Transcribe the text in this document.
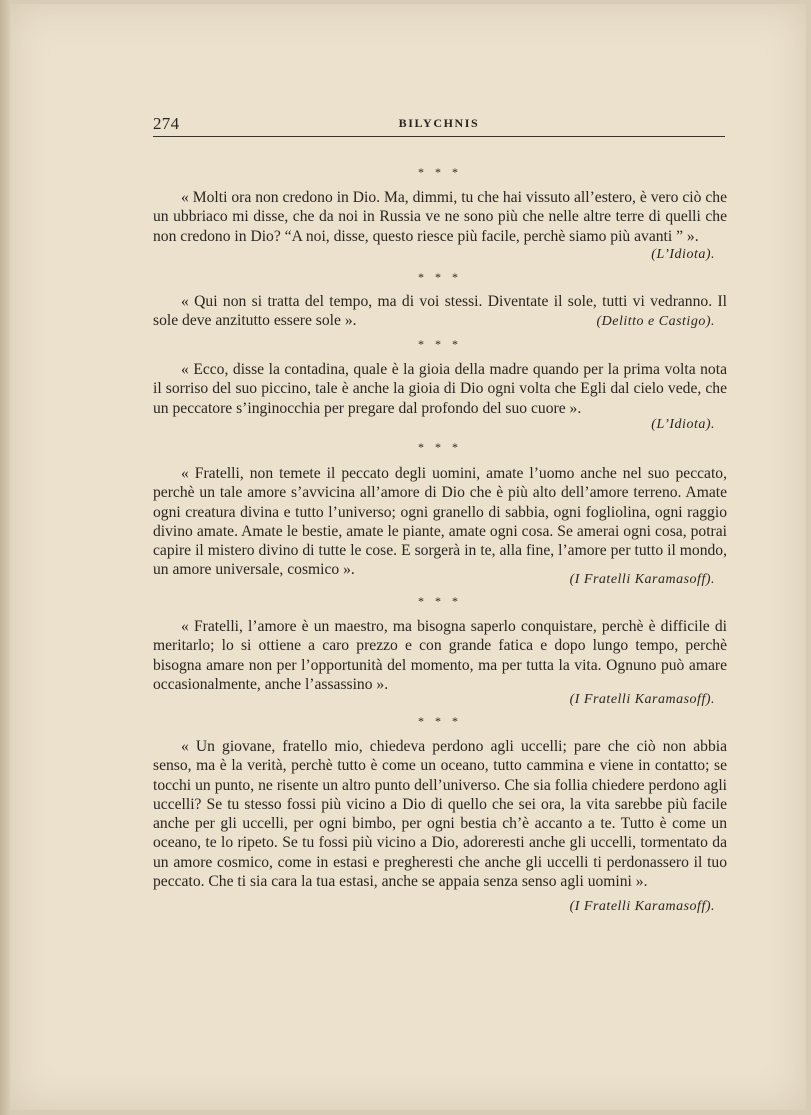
274	BILYCHNIS
* * *

« Molti ora non credono in Dio. Ma, dimmi, tu che hai vissuto all’estero, è vero ciò che un ubbriaco mi disse, che da noi in Russia ve ne sono più che nelle altre terre di quelli che non credono in Dio? “A noi, disse, questo riesce più facile, perchè siamo più avanti ” ».

(L’Idiota).
* * *

« Qui non si tratta del tempo, ma di voi stessi. Diventate il sole, tutti vi vedranno. Il sole deve anzitutto essere sole ».	(Delitto e Castigo).
* * *

« Ecco, disse la contadina, quale è la gioia della madre quando per la prima volta nota il sorriso del suo piccino, tale è anche la gioia di Dio ogni volta che Egli dal cielo vede, che un peccatore s’inginocchia per pregare dal profondo del suo cuore ».

(L’Idiota).
* * *

« Fratelli, non temete il peccato degli uomini, amate l’uomo anche nel suo peccato, perchè un tale amore s’avvicina all’amore di Dio che è più alto dell’amore terreno. Amate ogni creatura divina e tutto l’universo; ogni granello di sabbia, ogni fogliolina, ogni raggio divino amate. Amate le bestie, amate le piante, amate ogni cosa. Se amerai ogni cosa, potrai capire il mistero divino di tutte le cose. E sorgerà in te, alla fine, l’amore per tutto il mondo, un amore universale, cosmico ».

(I Fratelli Karamasoff).
* * *

« Fratelli, l’amore è un maestro, ma bisogna saperlo conquistare, perchè è difficile di meritarlo; lo si ottiene a caro prezzo e con grande fatica e dopo lungo tempo, perchè bisogna amare non per l’opportunità del momento, ma per tutta la vita. Ognuno può amare occasionalmente, anche l’assassino ».

(I Fratelli Karamasoff).
* * *

« Un giovane, fratello mio, chiedeva perdono agli uccelli; pare che ciò non abbia senso, ma è la verità, perchè tutto è come un oceano, tutto cammina e viene in contatto; se tocchi un punto, ne risente un altro punto dell’universo. Che sia follia chiedere perdono agli uccelli? Se tu stesso fossi più vicino a Dio di quello che sei ora, la vita sarebbe più facile anche per gli uccelli, per ogni bimbo, per ogni bestia ch’è accanto a te. Tutto è come un oceano, te lo ripeto. Se tu fossi più vicino a Dio, adoreresti anche gli uccelli, tormentato da un amore cosmico, come in estasi e pregheresti che anche gli uccelli ti perdonassero il tuo peccato. Che ti sia cara la tua estasi, anche se appaia senza senso agli uomini ».

(I Fratelli Karamasoff).
